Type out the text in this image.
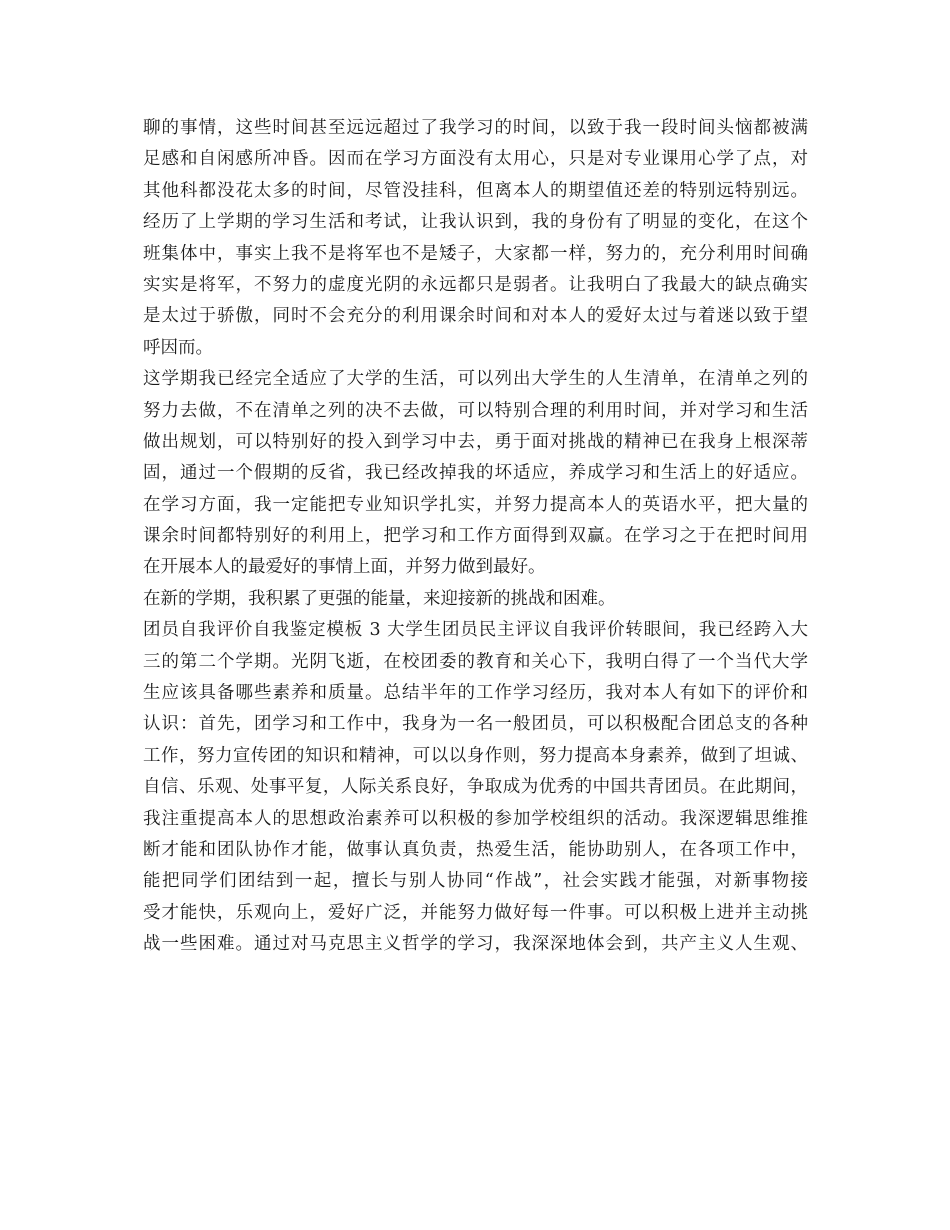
聊的事情，这些时间甚至远远超过了我学习的时间，以致于我一段时间头恼都被满
足感和自闲感所冲昏。因而在学习方面没有太用心，只是对专业课用心学了点，对
其他科都没花太多的时间，尽管没挂科，但离本人的期望值还差的特别远特别远。
经历了上学期的学习生活和考试，让我认识到，我的身份有了明显的变化，在这个
班集体中，事实上我不是将军也不是矮子，大家都一样，努力的，充分利用时间确
实实是将军，不努力的虚度光阴的永远都只是弱者。让我明白了我最大的缺点确实
是太过于骄傲，同时不会充分的利用课余时间和对本人的爱好太过与着迷以致于望
呼因而。
这学期我已经完全适应了大学的生活，可以列出大学生的人生清单，在清单之列的
努力去做，不在清单之列的决不去做，可以特别合理的利用时间，并对学习和生活
做出规划，可以特别好的投入到学习中去，勇于面对挑战的精神已在我身上根深蒂
固，通过一个假期的反省，我已经改掉我的坏适应，养成学习和生活上的好适应。
在学习方面，我一定能把专业知识学扎实，并努力提高本人的英语水平，把大量的
课余时间都特别好的利用上，把学习和工作方面得到双赢。在学习之于在把时间用
在开展本人的最爱好的事情上面，并努力做到最好。
在新的学期，我积累了更强的能量，来迎接新的挑战和困难。
团员自我评价自我鉴定模板 3 大学生团员民主评议自我评价转眼间，我已经跨入大
三的第二个学期。光阴飞逝，在校团委的教育和关心下，我明白得了一个当代大学
生应该具备哪些素养和质量。总结半年的工作学习经历，我对本人有如下的评价和
认识：首先，团学习和工作中，我身为一名一般团员，可以积极配合团总支的各种
工作，努力宣传团的知识和精神，可以以身作则，努力提高本身素养，做到了坦诚、
自信、乐观、处事平复，人际关系良好，争取成为优秀的中国共青团员。在此期间，
我注重提高本人的思想政治素养可以积极的参加学校组织的活动。我深逻辑思维推
断才能和团队协作才能，做事认真负责，热爱生活，能协助别人，在各项工作中，
能把同学们团结到一起，擅长与别人协同“作战”，社会实践才能强，对新事物接
受才能快，乐观向上，爱好广泛，并能努力做好每一件事。可以积极上进并主动挑
战一些困难。通过对马克思主义哲学的学习，我深深地体会到，共产主义人生观、
